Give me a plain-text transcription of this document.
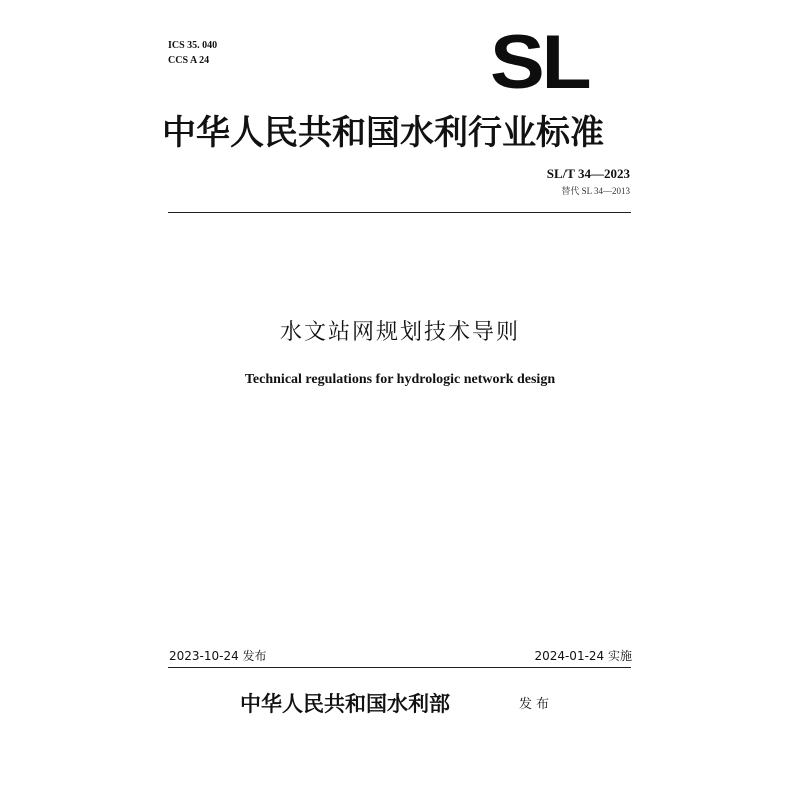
ICS 35. 040
CCS A 24	SL
中华人民共和国水利行业标准
SL/T 34—2023
替代 SL 34—2013
水文站网规划技术导则
Technical regulations for hydrologic network design
2023-10-24 发布	2024-01-24 实施
中华人民共和国水利部	发布
